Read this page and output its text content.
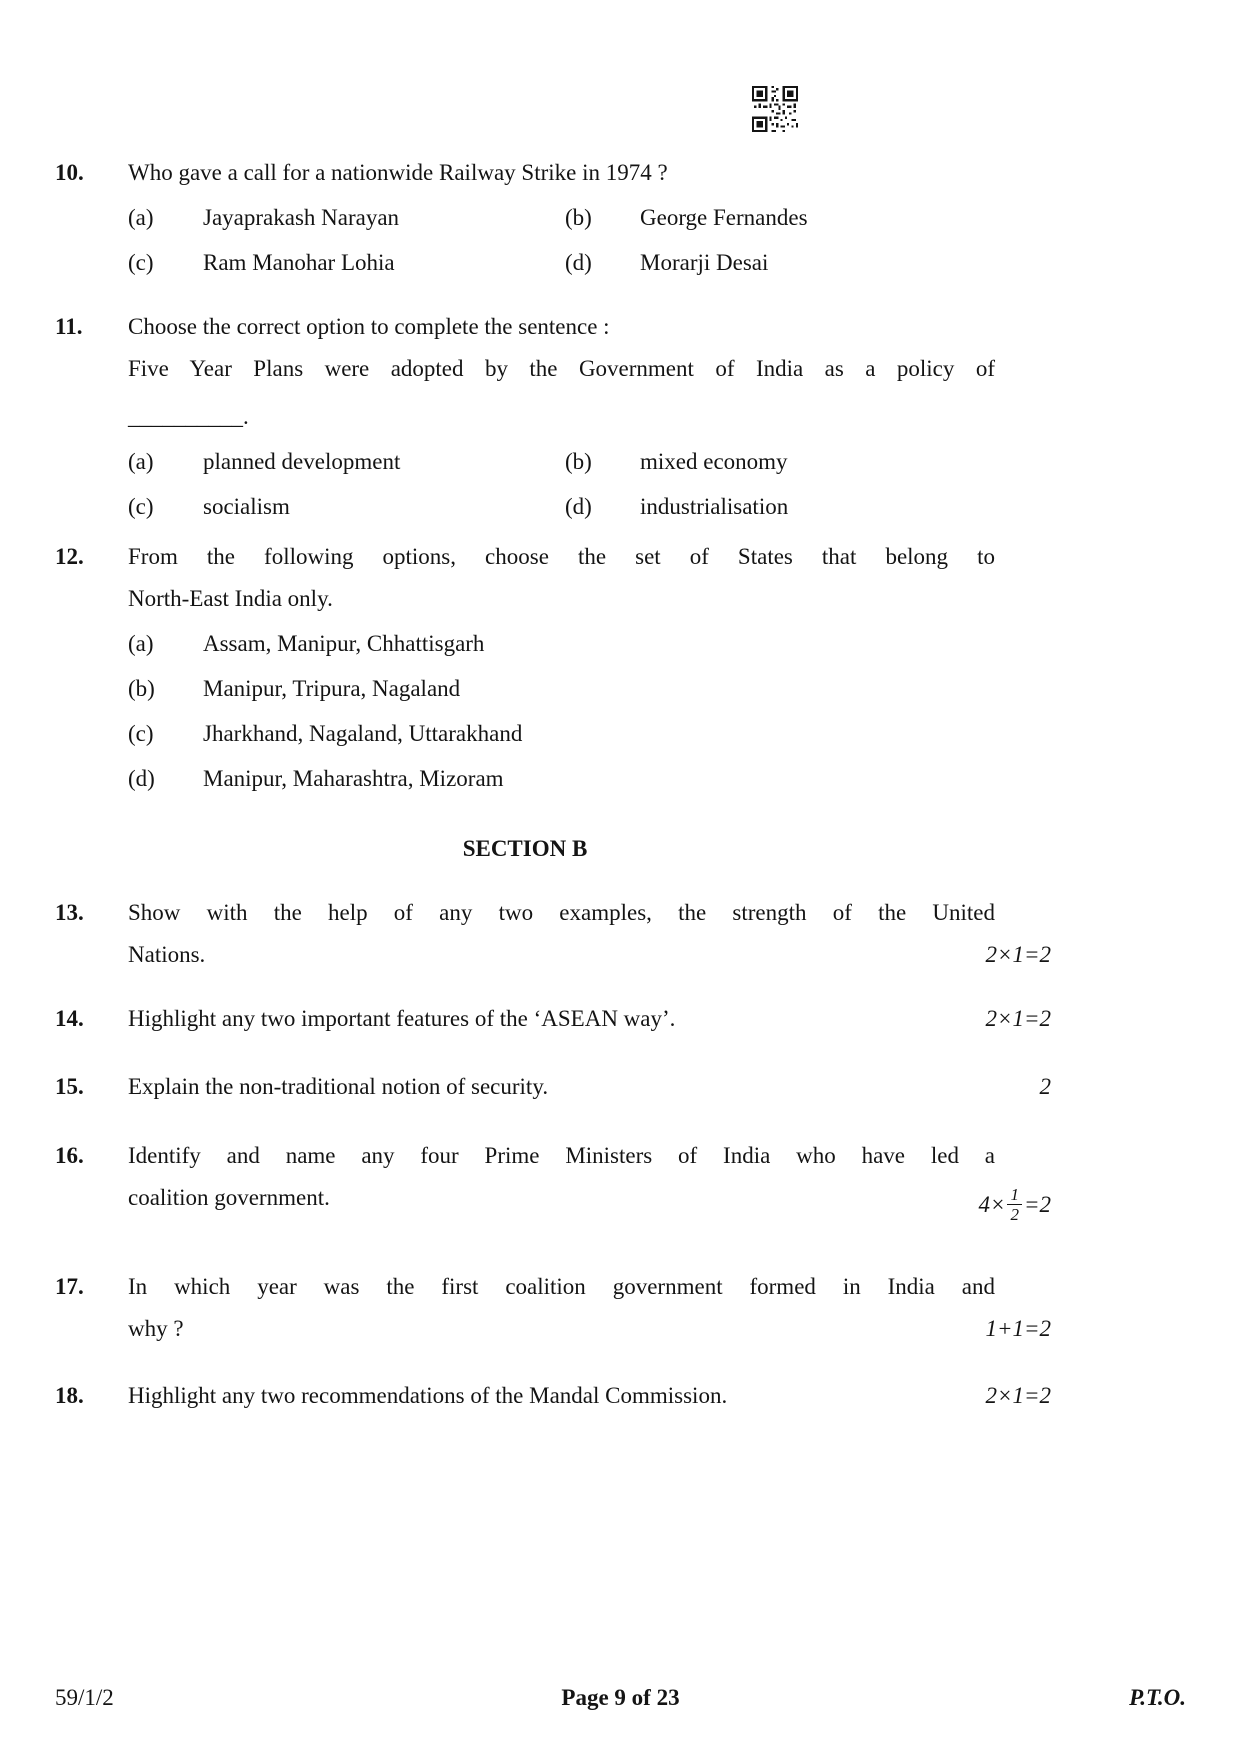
10.	Who gave a call for a nationwide Railway Strike in 1974 ?
(a)	Jayaprakash Narayan	(b)	George Fernandes
(c)	Ram Manohar Lohia	(d)	Morarji Desai
11.	Choose the correct option to complete the sentence :
Five Year Plans were adopted by the Government of India as a policy of
__________.
(a)	planned development	(b)	mixed economy
(c)	socialism	(d)	industrialisation
12.	From the following options, choose the set of States that belong to
North-East India only.
(a)	Assam, Manipur, Chhattisgarh
(b)	Manipur, Tripura, Nagaland
(c)	Jharkhand, Nagaland, Uttarakhand
(d)	Manipur, Maharashtra, Mizoram
SECTION B
13.	Show with the help of any two examples, the strength of the United
Nations.	2×1=2
14.	Highlight any two important features of the ‘ASEAN way’.	2×1=2
15.	Explain the non-traditional notion of security.	2
16.	Identify and name any four Prime Ministers of India who have led a
coalition government.	$4\times \frac{1}{2} =2$
17.	In which year was the first coalition government formed in India and
why ?	1+1=2
18.	Highlight any two recommendations of the Mandal Commission.	2×1=2
59/1/2	Page 9 of 23	P.T.O.
